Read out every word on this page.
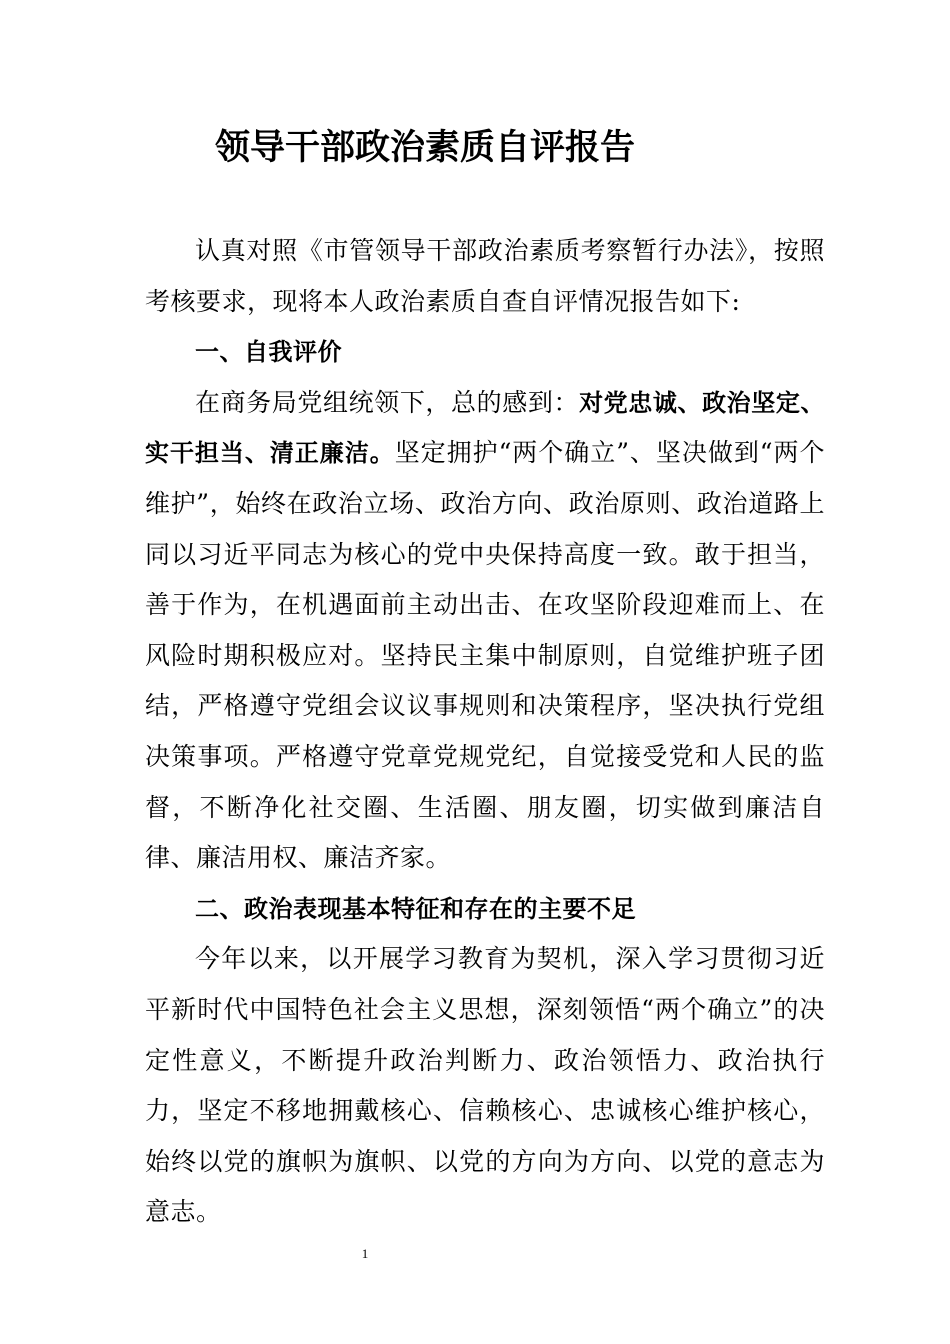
领导干部政治素质自评报告

认真对照《市管领导干部政治素质考察暂行办法》，按照考核要求，现将本人政治素质自查自评情况报告如下:

一、自我评价

在商务局党组统领下，总的感到：对党忠诚、政治坚定、实干担当、清正廉洁。坚定拥护“两个确立”、坚决做到“两个维护”，始终在政治立场、政治方向、政治原则、政治道路上同以习近平同志为核心的党中央保持高度一致。敢于担当，善于作为，在机遇面前主动出击、在攻坚阶段迎难而上、在风险时期积极应对。坚持民主集中制原则，自觉维护班子团结，严格遵守党组会议议事规则和决策程序，坚决执行党组决策事项。严格遵守党章党规党纪，自觉接受党和人民的监督，不断净化社交圈、生活圈、朋友圈，切实做到廉洁自律、廉洁用权、廉洁齐家。

二、政治表现基本特征和存在的主要不足

今年以来，以开展学习教育为契机，深入学习贯彻习近平新时代中国特色社会主义思想，深刻领悟“两个确立”的决定性意义，不断提升政治判断力、政治领悟力、政治执行力，坚定不移地拥戴核心、信赖核心、忠诚核心维护核心，始终以党的旗帜为旗帜、以党的方向为方向、以党的意志为意志。

1
